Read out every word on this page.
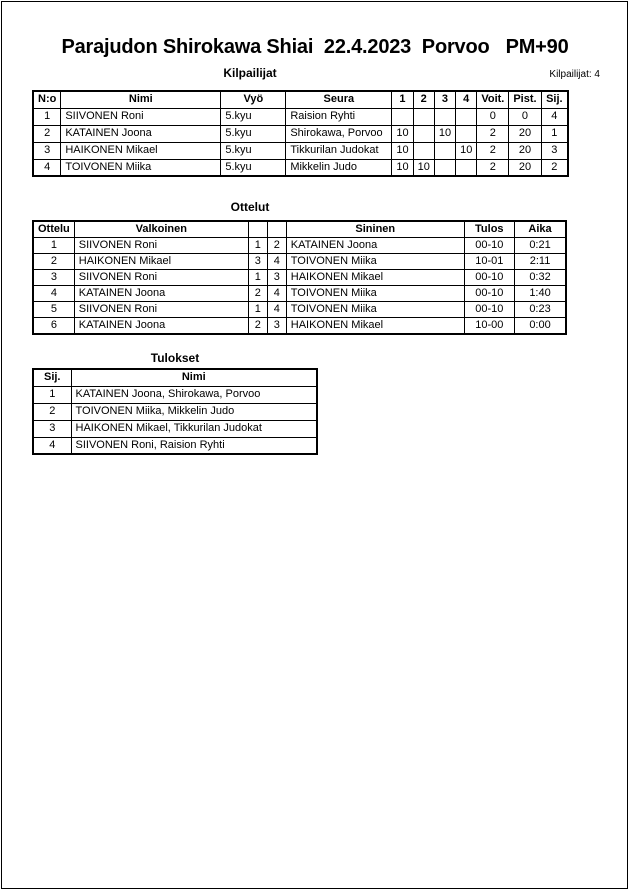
Parajudon Shirokawa Shiai  22.4.2023  Porvoo   PM+90
Kilpailijat	Kilpailijat: 4
N:o	Nimi	Vyö	Seura	1	2	3	4	Voit.	Pist.	Sij.
1	SIIVONEN Roni	5.kyu	Raision Ryhti					0	0	4
2	KATAINEN Joona	5.kyu	Shirokawa, Porvoo	10		10		2	20	1
3	HAIKONEN Mikael	5.kyu	Tikkurilan Judokat	10			10	2	20	3
4	TOIVONEN Miika	5.kyu	Mikkelin Judo	10	10			2	20	2
Ottelut
Ottelu	Valkoinen			Sininen	Tulos	Aika
1	SIIVONEN Roni	1	2	KATAINEN Joona	00-10	0:21
2	HAIKONEN Mikael	3	4	TOIVONEN Miika	10-01	2:11
3	SIIVONEN Roni	1	3	HAIKONEN Mikael	00-10	0:32
4	KATAINEN Joona	2	4	TOIVONEN Miika	00-10	1:40
5	SIIVONEN Roni	1	4	TOIVONEN Miika	00-10	0:23
6	KATAINEN Joona	2	3	HAIKONEN Mikael	10-00	0:00
Tulokset
Sij.	Nimi
1	KATAINEN Joona, Shirokawa, Porvoo
2	TOIVONEN Miika, Mikkelin Judo
3	HAIKONEN Mikael, Tikkurilan Judokat
4	SIIVONEN Roni, Raision Ryhti
